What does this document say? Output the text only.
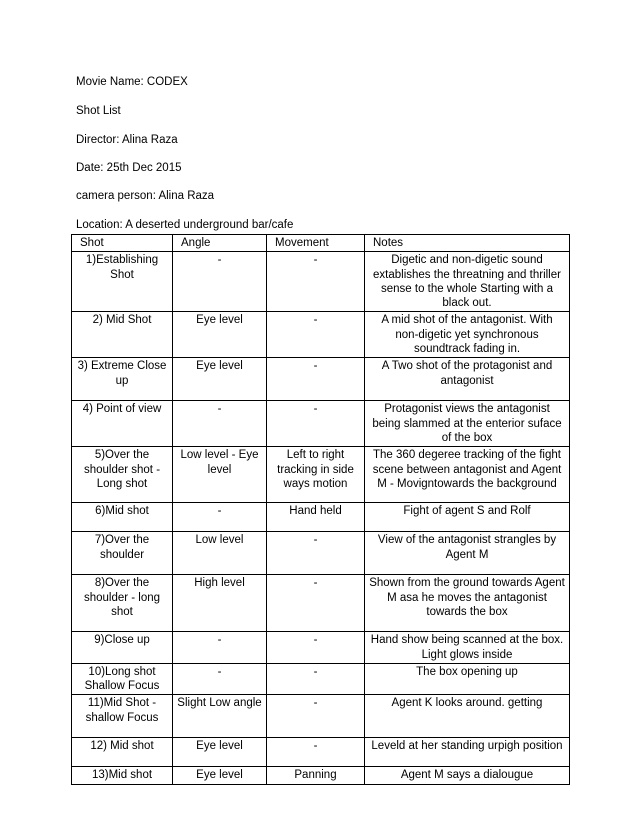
Movie Name: CODEX
Shot List
Director: Alina Raza
Date: 25th Dec 2015
camera person: Alina Raza
Location: A deserted underground bar/cafe
Shot	Angle	Movement	Notes
1)Establishing Shot	-	-	Digetic and non-digetic sound extablishes the threatning and thriller sense to the whole Starting with a black out.
2) Mid Shot	Eye level	-	A mid shot of the antagonist. With non-digetic yet synchronous soundtrack fading in.
3) Extreme Close up	Eye level	-	A Two shot of the protagonist and antagonist
4) Point of view	-	-	Protagonist views the antagonist being slammed at the enterior suface of the box
5)Over the shoulder shot - Long shot	Low level - Eye level	Left to right tracking in side ways motion	The 360 degeree tracking of the fight scene between antagonist and Agent M - Movigntowards the background
6)Mid shot	-	Hand held	Fight of agent S and Rolf
7)Over the shoulder	Low level	-	View of the antagonist strangles by Agent M
8)Over the shoulder - long shot	High level	-	Shown from the ground towards Agent M asa he moves the antagonist towards the box
9)Close up	-	-	Hand show being scanned at the box. Light glows inside
10)Long shot Shallow Focus	-	-	The box opening up
11)Mid Shot - shallow Focus	Slight Low angle	-	Agent K looks around. getting
12) Mid shot	Eye level	-	Leveld at her standing urpigh position
13)Mid shot	Eye level	Panning	Agent M says a dialougue
